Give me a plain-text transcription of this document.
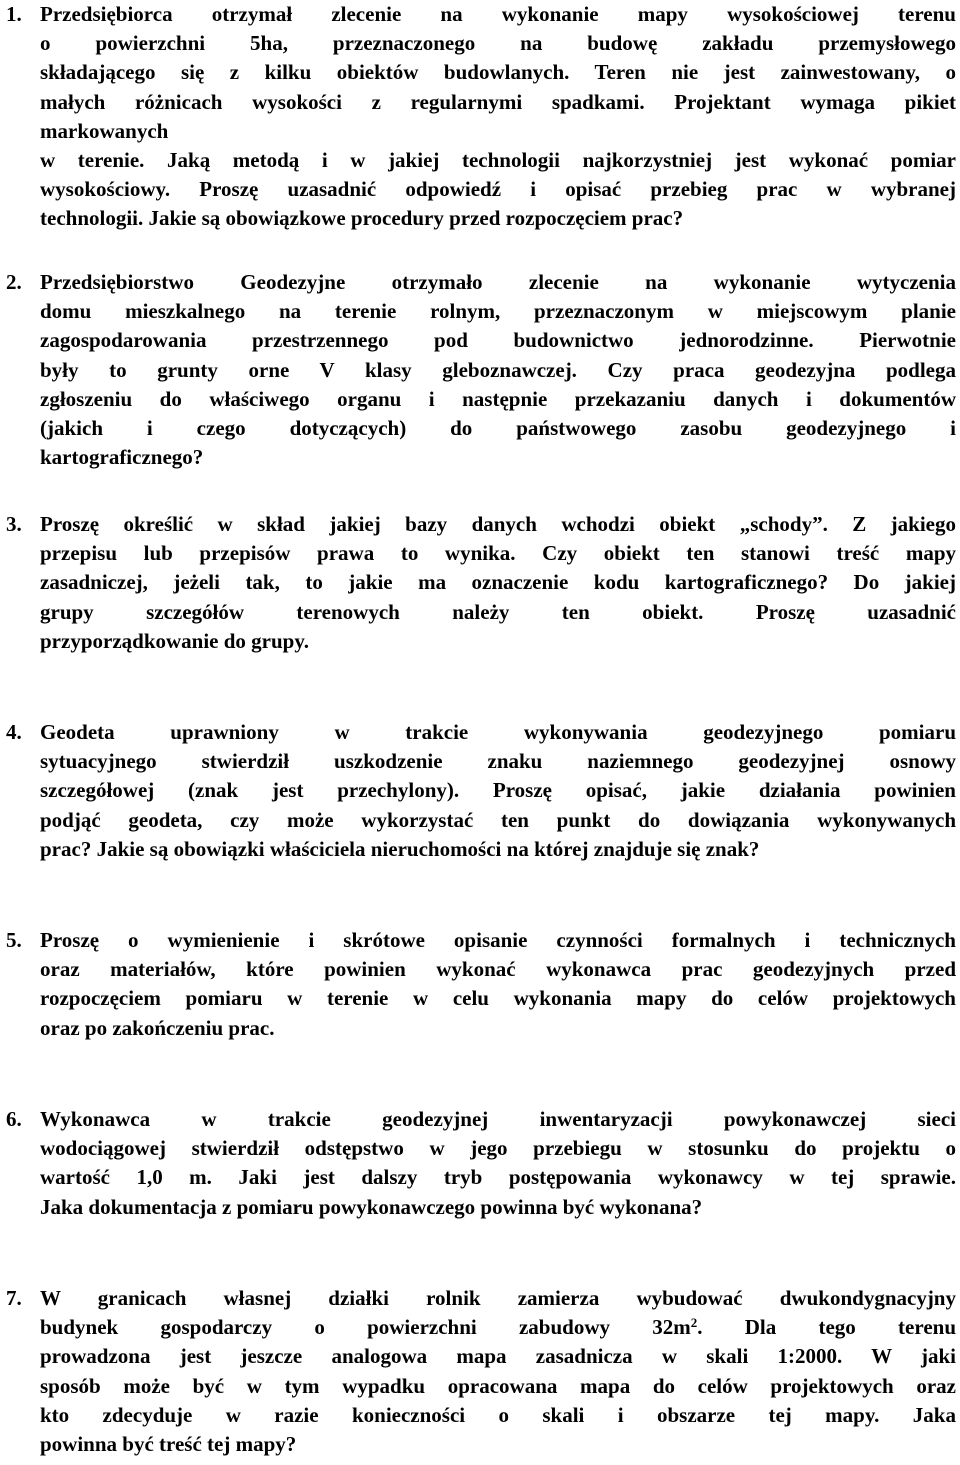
1. Przedsiębiorca otrzymał zlecenie na wykonanie mapy wysokościowej terenu
o powierzchni 5ha, przeznaczonego na budowę zakładu przemysłowego
składającego się z kilku obiektów budowlanych. Teren nie jest zainwestowany, o
małych różnicach wysokości z regularnymi spadkami. Projektant wymaga pikiet
markowanych
w terenie. Jaką metodą i w jakiej technologii najkorzystniej jest wykonać pomiar
wysokościowy. Proszę uzasadnić odpowiedź i opisać przebieg prac w wybranej
technologii. Jakie są obowiązkowe procedury przed rozpoczęciem prac?
2. Przedsiębiorstwo Geodezyjne otrzymało zlecenie na wykonanie wytyczenia
domu mieszkalnego na terenie rolnym, przeznaczonym w miejscowym planie
zagospodarowania przestrzennego pod budownictwo jednorodzinne. Pierwotnie
były to grunty orne V klasy gleboznawczej. Czy praca geodezyjna podlega
zgłoszeniu do właściwego organu i następnie przekazaniu danych i dokumentów
(jakich i czego dotyczących) do państwowego zasobu geodezyjnego i
kartograficznego?
3. Proszę określić w skład jakiej bazy danych wchodzi obiekt „schody”. Z jakiego
przepisu lub przepisów prawa to wynika. Czy obiekt ten stanowi treść mapy
zasadniczej, jeżeli tak, to jakie ma oznaczenie kodu kartograficznego? Do jakiej
grupy szczegółów terenowych należy ten obiekt. Proszę uzasadnić
przyporządkowanie do grupy.
4. Geodeta uprawniony w trakcie wykonywania geodezyjnego pomiaru
sytuacyjnego stwierdził uszkodzenie znaku naziemnego geodezyjnej osnowy
szczegółowej (znak jest przechylony). Proszę opisać, jakie działania powinien
podjąć geodeta, czy może wykorzystać ten punkt do dowiązania wykonywanych
prac? Jakie są obowiązki właściciela nieruchomości na której znajduje się znak?
5. Proszę o wymienienie i skrótowe opisanie czynności formalnych i technicznych
oraz materiałów, które powinien wykonać wykonawca prac geodezyjnych przed
rozpoczęciem pomiaru w terenie w celu wykonania mapy do celów projektowych
oraz po zakończeniu prac.
6. Wykonawca w trakcie geodezyjnej inwentaryzacji powykonawczej sieci
wodociągowej stwierdził odstępstwo w jego przebiegu w stosunku do projektu o
wartość 1,0 m. Jaki jest dalszy tryb postępowania wykonawcy w tej sprawie.
Jaka dokumentacja z pomiaru powykonawczego powinna być wykonana?
7. W granicach własnej działki rolnik zamierza wybudować dwukondygnacyjny
budynek gospodarczy o powierzchni zabudowy $32m^2$. Dla tego terenu
prowadzona jest jeszcze analogowa mapa zasadnicza w skali 1:2000. W jaki
sposób może być w tym wypadku opracowana mapa do celów projektowych oraz
kto zdecyduje w razie konieczności o skali i obszarze tej mapy. Jaka
powinna być treść tej mapy?
